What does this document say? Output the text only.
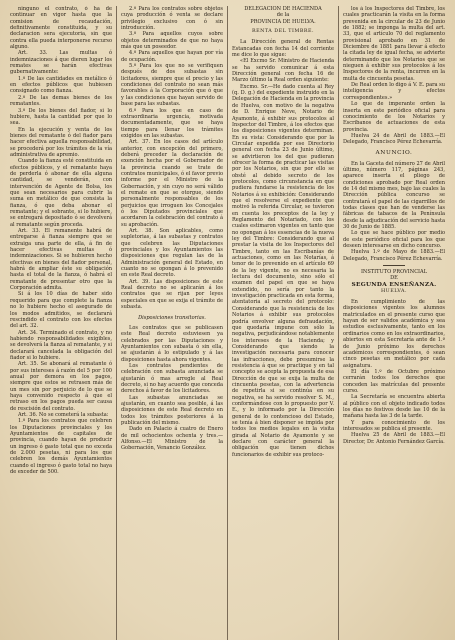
ninguno el contrato, ó ha de continuar en vigor hasta que la comision de recaudación, definitivamente constituida, y su declaracion sera ejecutoria, sin que contra ella pueda interponerse recurso alguno.

Art. 33. Las multas ó indemnizaciones á que dieren lugar los remates se harán efectivas gubernativamente:

1.º De las cantidades en metálico ó en efectos públicos que hubiesen consignado como fianza.

2.º De las demas bienes de los rematantes.

3.º De los bienes del fiador, si lo hubiere, hasta la cantidad por que lo sea.

En la ejecución y venta de los bienes del rematante ó del fiador para hacer efectiva aquella responsabilidad, se procederá por los trámites de la vía administrativa de apremio.

Cuando la fianza esté constituida en efectos públicos, y el rematante haya de perderla ó abonar de ella alguna cantidad, se venderán, con intervención de Agente de Bolsa, los que sean necesarios para cubrir la suma en metálico de que consista la fianza, ó que deba abonar el rematante; y el sobrante, si lo hubiere, se entregará depositado ó se devolverá al rematante según proceda.

Art. 33. El remanente habrá de entregarse á fianza siempre que se extraiga una parte de ella, á fin de hacer efectivas multas ó indemnizaciones. Si se hubieren hecho efectivas en bienes del fiador personal, habrá de ampliar éste su obligación hasta el total de la fianza, ó habrá el rematante de presentar otro que la Corporación admita.

Si á los 10 días de haber sido requerido para que complete la fianza no lo hubiere hecho el asegurado de los modos admitidos, se declarará rescindido el contrato con los efectos del art. 32.

Art. 34. Terminado el contrato, y no habiendo responsabilidades exigibles, se devolverá la fianza al rematante, y si declarará cancelada la obligación del fiador si lo hubiere.

Art. 35. Se abonará al rematante ó por sus intereses á razón del 5 por 100 anual por demora en los pagos, siempre que estos se retrasen más de un mes sin por perjuicio de lo que se haya convenido respecto á que el retraso en los pagos pueda ser causa de rescisión del contrato.

Art. 36. No se cometerá la subasta:

1.º Para los contratos que celebren los Diputaciones provinciales y los Ayuntamientos de capitales de provincia, cuando hayan de producir un ingreso ó gasto total que no exceda de 2.000 pesetas, ni para los que celebren los demás Ayuntamientos cuando el ingreso ó gasto total no haya de exceder de 500.

2.º Para los contratos sobre objetos cuya producción ó venta se declare privilegio exclusivo con ó sin introducción.

3.º Para aquellos cuyos sobre objetos determinados de que no haya más que un poseedor.

4.º Para aquellos que hayan por vía de ocupación.

5.º Para los que no se verifiquen después de dos subastas sin licitadores, siempre que el precio y las condiciones del contrato no sean más favorables á la Corporación que ó que y las condiciones que hayan servido de base para las subastas.

6.º Para los que en caso de extraordinaria urgencia, motivada documentadamente, que se haya tiempo para llenar los trámites exigidos en las subastas.

Art. 37. En los casos del artículo anterior, con excepción del primero, deberá preceder la declaración de exención hecha por el Gobernador de la provincia cuando se trate de contratos municipales, ó el favor previo informe por el Ministro de la Gobernación, y sin cuyo no será válido el remate en que se otorgue, siendo personalmente responsables de los perjuicios que irroguen los Concejales ó los Diputados provinciales que acordaren la celebración del contrato á su aprobación.

Art. 38. Son aplicables, como supletorias, á las subastas y contratos que celebren las Diputaciones provinciales y los Ayuntamientos las disposiciones que regulan las de la Administración general del Estado, en cuanto no se opongan á lo prevenido en este Real decreto.

Art. 39. Las disposiciones de este Real decreto no se aplicarán á los contratos que se rijan por leyes especiales en que se exija el trámite de subasta.

Disposiciones transitorias.

Los contratos que se publicasen este Real decreto estuviesen ya celebrados por las Diputaciones y Ayuntamientos con subasta ó sin ella, se ajustarán á lo estipulado y á las disposiciones hasta ahora vigentes.

Los contratos pendientes de celebración con subasta anunciada se ajustarán ó mas arregle al Real decreto, si no hay acuerdo que conceda derechos á favor de los licitadores.

Las subastas anunciadas se ajustarán, en cuanto sea posible, á las disposiciones de este Real decreto en todos los trámites posteriores á la publicación del mismo.

Dado en Palacio á cuatro de Enero de mil ochocientos ochenta y tres.—Alfonso.—El Ministro de la Gobernación, Venancio González.

DELEGACIÓN DE HACIENDA

de la

PROVINCIA DE HUELVA.

RENTA DEL TIMBRE.

La Dirección general de Rentas Estancadas con fecha 14 del corriente me dice lo que sigue:

«El Excmo Sr. Ministro de Hacienda se ha servido comunicar á esta Dirección general con fecha 16 de Marzo último la Real orden siguiente:

Excmo. Sr.—He dado cuenta al Rey (q. D. g.) del expediente instruido en la Delegación de Hacienda en la provincia de Huelva, con motivo de la negativa de D. Enrique Neve, Notario de Ayamonte, á exhibir sus protocolos al Inspector del Timbre, á los efectos que los disposiciones vigentes determinan. En su vista: Considerando que por la Circular expedida por ese Directorio general con fecha 23 de Junio último, se advirtieron los del que pudieran ofrecer la forma de practicar las visitas por los Notarios, sin que por ello se obsté al debido secreto de los protocolos, como circunstancia en que pudiera fundarse la resistencia de los Notarios á su exhibición: Considerando que el resolverse el expediente que motivó la referida Circular, se tuvieron en cuenta los preceptos de la ley y Reglamento del Notariado, con los cuales estimaron vigentes en tanto que no opongan á los essencias de la nueva ley del Timbre: Considerando que al prestar la visita de los Inspectores del Timbre, tanto en las Escribanías de actuaciones, como en las Notarías, á tenor de lo prevenido en el artículo 69 de la ley vigente, no es necesaria la lectura del documento, sino sólo el examen del papel en que se haya extendido, no sería por tanto la investigación practicada en esta forma, atentatoria al secreto del protocolo: Considerando que la resistencia de los Notarios á exhibir sus protocolos podría envolver alguna defraudación, que quedaría impune con sólo la negativa, perjudicándose notablemente los intereses de la Hacienda; y Considerando que siendo la investigación necesaria para conocer las infracciones, debe presumirse la resistencia á que se practique y en tal concepto se acepta la propuesta de esa Dirección de que se exija la multa de cincuenta pesetas, con la advertencia de repetirla si se continúa en su negativa, se ha servido resolver S. M., conformándose con lo propuesto por V. E., y lo informado por la Dirección general de lo contencioso del Estado, se tenía á bien disponer se impida por todos los medios legales en la visita girada al Notario de Ayamonte y se declare con carácter general la obligación que tienen dichos funcionarios de exhibir sus protoco-

los á los Inspectores del Timbre, los cuales practicarán la visita en la forma prevenida en la circular de 23 de Junio de 1882; se imponga la multa del art. 33, que el artículo 70 del reglamento provisional aprobado en 31 de Diciembre de 1881 para llevar á efecto la citada ley de igual fecha, se advierte determinando que los Notarios que se nieguen á exhibir sus protocolos á los Inspectores de la renta, incurren en la multa de cincuenta pesetas.

De Real orden lo digo á V. E. para su inteligencia y efectos correspondientes.»

Lo que de imperante orden la inserta en este periódico oficial para conocimiento de los Notarios y Escribanos de actuaciones de esta provincia.

Huelva 24 de Abril de 1883.—El Delegado, Francisco Pérez Echevarría.

ANUNCIO.

En la Gaceta del número 27 de Abril último, número 117, páginas 243, aparece inserta el pliego de condiciones aprobado por Real orden de 14 del mismo mes, bajo las cuales la Dirección pública concurso se contratará el papel de las cigarrillos de todas clases que han de venderse las fábricas de tabacos de la Península desde la adjudicación del servicio hasta 30 de Junio de 1885.

Lo que se hace público por medio de este periódico oficial para los que deseen interesarse en dicho concurso.

Huelva 1.º de Mayo de 1883.—El Delegado, Francisco Pérez Echevarría.

INSTITUTO PROVINCIAL

DE

SEGUNDA ENSEÑANZA.

HUELVA.

En cumplimiento de las disposiciones vigentes los alumnos matriculados en el presente curso que hayan de ser validos académica y sea estudios esclusivamente, tanto en los ordinarios como en los extraordinarios, abiertos en esta Secretaría ante de 1.º de Junio próximo los derechos académicos correspondientes, ó sean cinco pesetas en metálico por cada asignatura.

El día 1.º de Octubre próximo cerrarán todos los derechos que conceden las matrículas del presente curso.

La Secretaría se encuentra abierta al público con el objeto indicado todos los días no festivos desde las 10 de la mañana hasta las 3 de la tarde.

Y para conocimiento de los interesados se publica el presente.

Huelva 25 de Abril de 1883.—El Director, Dr. Antonio Fernández García.
